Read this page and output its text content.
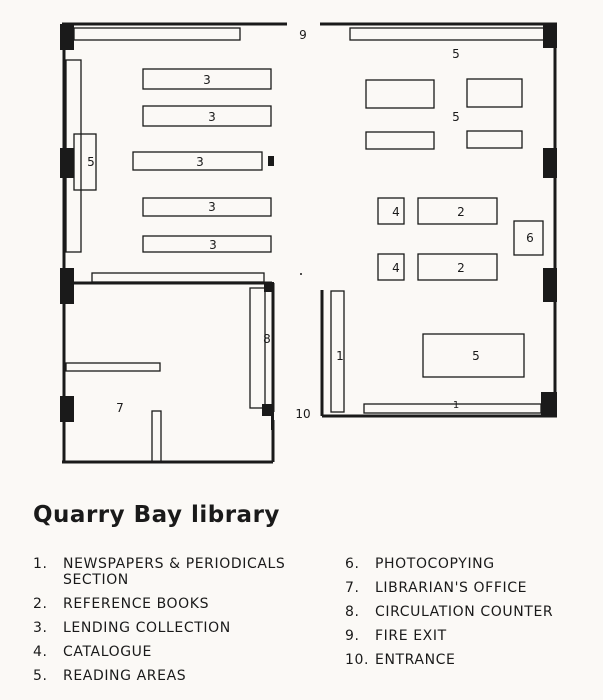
3
3
3
3
3
5
7
8
9
10
5
5
4	2
6
4	2
1
1
5
Quarry Bay library
1. NEWSPAPERS & PERIODICALS SECTION
2. REFERENCE BOOKS
3. LENDING COLLECTION
4. CATALOGUE
5. READING AREAS
6. PHOTOCOPYING
7. LIBRARIAN'S OFFICE
8. CIRCULATION COUNTER
9. FIRE EXIT
10. ENTRANCE
